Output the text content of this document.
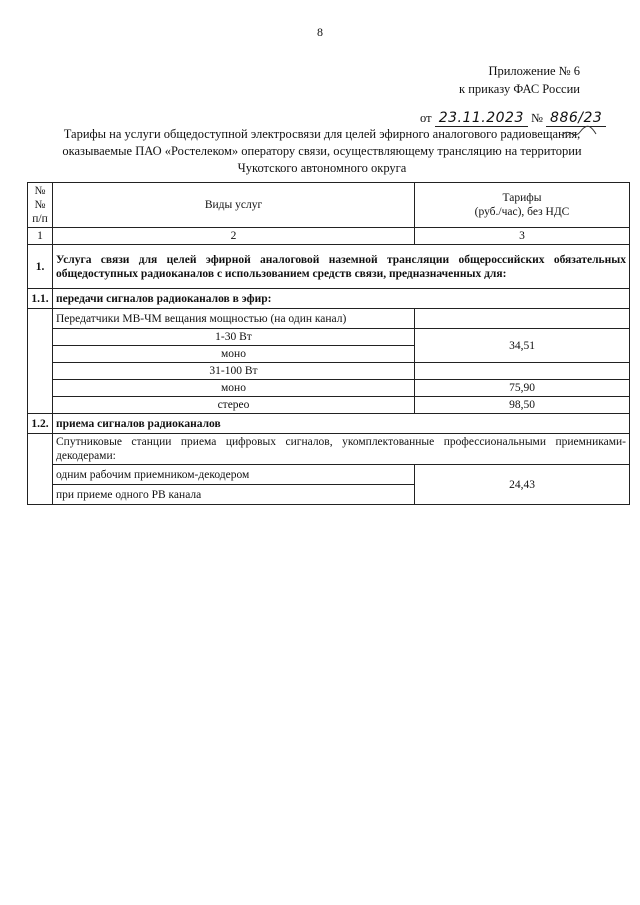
8
Приложение № 6
к приказу ФАС России
от 23.11.2023 № 886/23
Тарифы на услуги общедоступной электросвязи для целей эфирного аналогового радиовещания,
оказываемые ПАО «Ростелеком» оператору связи, осуществляющему трансляцию на территории
Чукотского автономного округа
№№ п/п	Виды услуг	Тарифы
(руб./час), без НДС

1	2	3
1.	Услуга связи для целей эфирной аналоговой наземной трансляции общероссийских обязательных общедоступных радиоканалов с использованием средств связи, предназначенных для:	
1.1.	передачи сигналов радиоканалов в эфир:	
	Передатчики МВ-ЧМ вещания мощностью (на один канал)	
	1-30 Вт	34,51
	моно	
	31-100 Вт	
	моно	75,90
	стерео	98,50
1.2.	приема сигналов радиоканалов	
	Спутниковые станции приема цифровых сигналов, укомплектованные профессиональными приемниками-декодерами:	
	одним рабочим приемником-декодером	24,43
	при приеме одного РВ канала	
